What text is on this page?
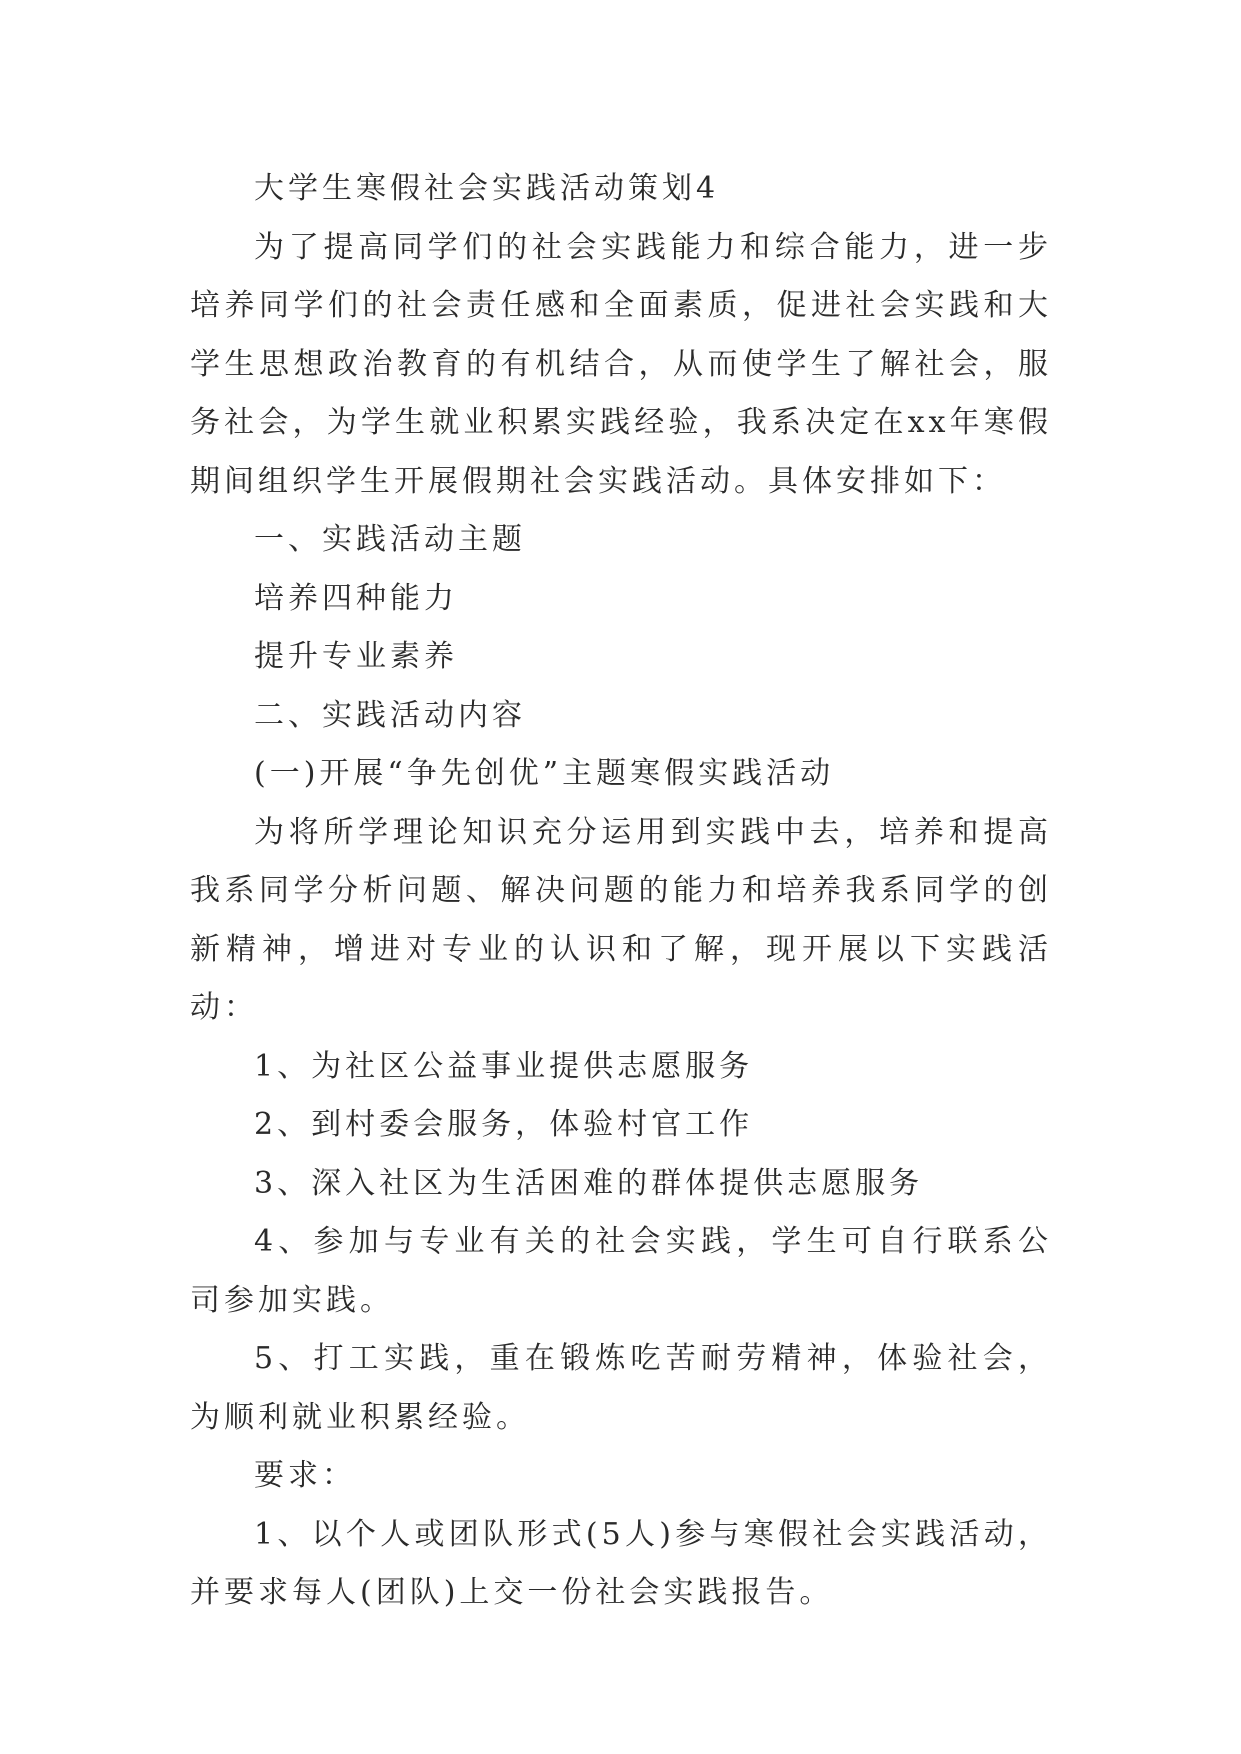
大学生寒假社会实践活动策划4

为了提高同学们的社会实践能力和综合能力，进一步培养同学们的社会责任感和全面素质，促进社会实践和大学生思想政治教育的有机结合，从而使学生了解社会，服务社会，为学生就业积累实践经验，我系决定在xx年寒假期间组织学生开展假期社会实践活动。具体安排如下：

一、实践活动主题

培养四种能力

提升专业素养

二、实践活动内容

(一)开展“争先创优”主题寒假实践活动

为将所学理论知识充分运用到实践中去，培养和提高我系同学分析问题、解决问题的能力和培养我系同学的创新精神，增进对专业的认识和了解，现开展以下实践活动：

1、为社区公益事业提供志愿服务

2、到村委会服务，体验村官工作

3、深入社区为生活困难的群体提供志愿服务

4、参加与专业有关的社会实践，学生可自行联系公司参加实践。

5、打工实践，重在锻炼吃苦耐劳精神，体验社会，为顺利就业积累经验。

要求：

1、以个人或团队形式(5人)参与寒假社会实践活动，并要求每人(团队)上交一份社会实践报告。
